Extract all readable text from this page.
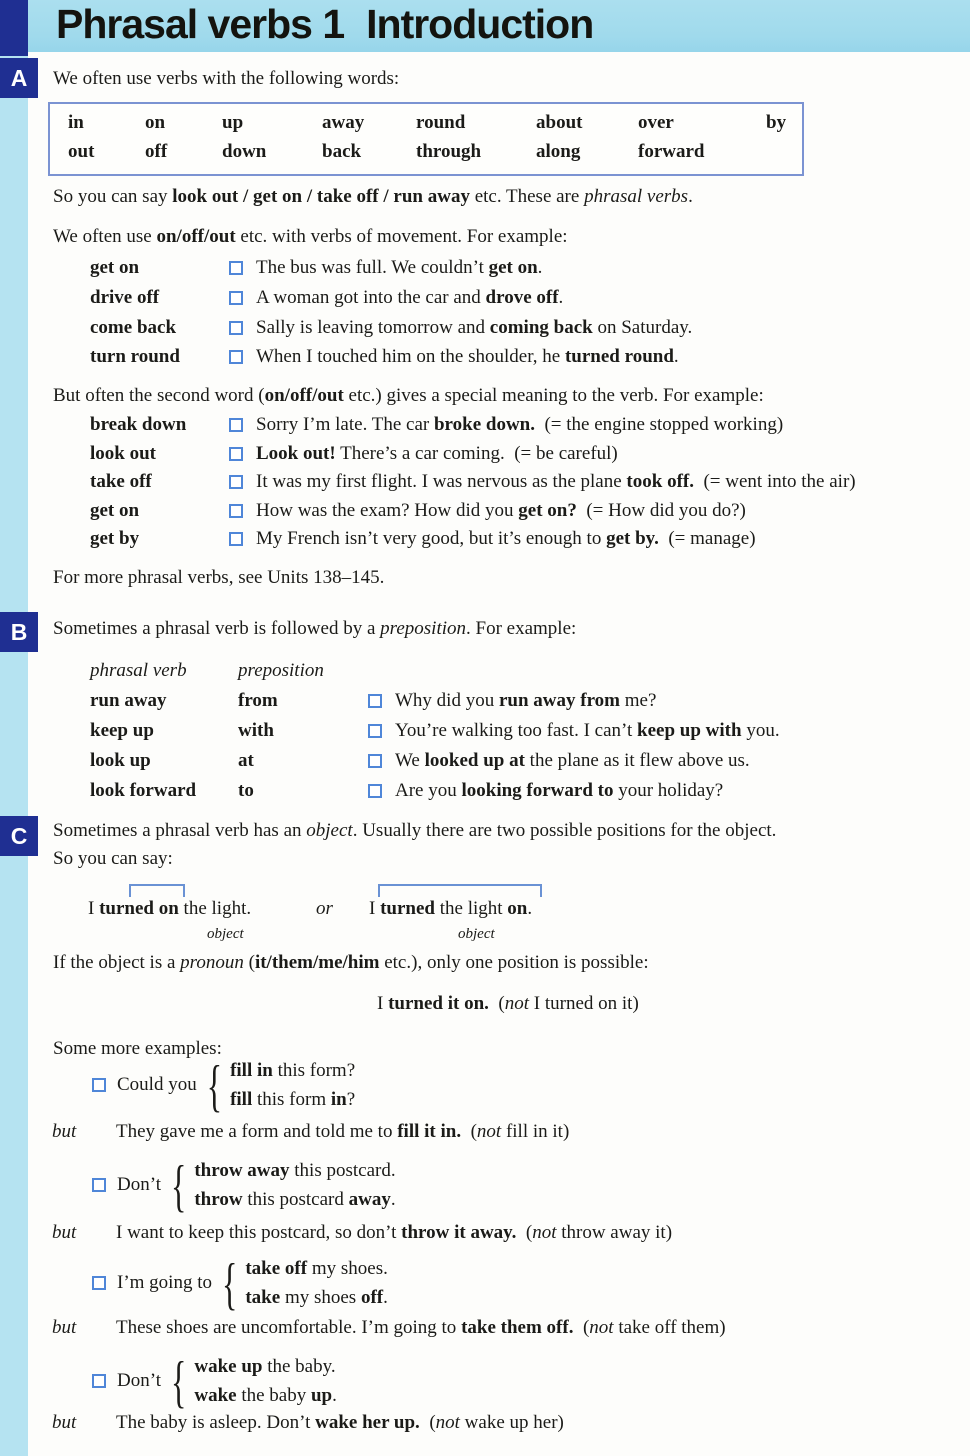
Phrasal verbs 1 Introduction
A
B
C
We often use verbs with the following words:
in	on	up	away	round	about	over	by
out	off	down	back	through	along	forward
So you can say look out / get on / take off / run away etc. These are phrasal verbs.
We often use on/off/out etc. with verbs of movement. For example:
get on	The bus was full. We couldn’t get on.
drive off	A woman got into the car and drove off.
come back	Sally is leaving tomorrow and coming back on Saturday.
turn round	When I touched him on the shoulder, he turned round.
But often the second word (on/off/out etc.) gives a special meaning to the verb. For example:
break down	Sorry I’m late. The car broke down.  (= the engine stopped working)
look out	Look out! There’s a car coming.  (= be careful)
take off	It was my first flight. I was nervous as the plane took off.  (= went into the air)
get on	How was the exam? How did you get on?  (= How did you do?)
get by	My French isn’t very good, but it’s enough to get by.  (= manage)
For more phrasal verbs, see Units 138–145.
Sometimes a phrasal verb is followed by a preposition. For example:
phrasal verb	preposition
run away	from	Why did you run away from me?
keep up	with	You’re walking too fast. I can’t keep up with you.
look up	at	We looked up at the plane as it flew above us.
look forward	to	Are you looking forward to your holiday?
Sometimes a phrasal verb has an object. Usually there are two possible positions for the object.
So you can say:
I turned on the light.	or I turned the light on.
object	object
If the object is a pronoun (it/them/me/him etc.), only one position is possible:
I turned it on.  (not I turned on it)
Some more examples:
Could you { fill in this form?
fill this form in?
but	They gave me a form and told me to fill it in.  (not fill in it)
Don’t { throw away this postcard.
throw this postcard away.
but	I want to keep this postcard, so don’t throw it away.  (not throw away it)
I’m going to { take off my shoes.
take my shoes off.
but	These shoes are uncomfortable. I’m going to take them off.  (not take off them)
Don’t { wake up the baby.
wake the baby up.
but	The baby is asleep. Don’t wake her up.  (not wake up her)
